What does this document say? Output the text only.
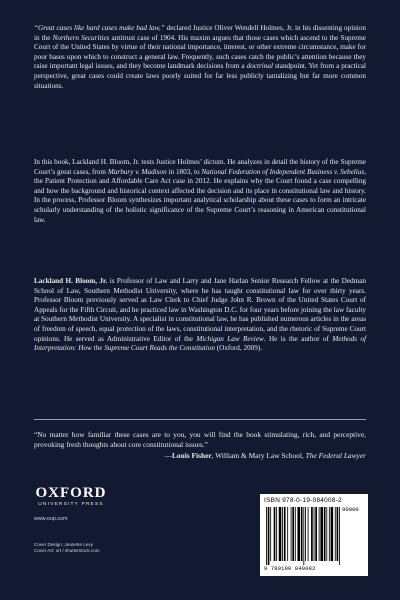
“Great cases like hard cases make bad law,” declared Justice Oliver Wendell Holmes, Jr. in his dissenting opinion in the Northern Securities antitrust case of 1904. His maxim argues that those cases which ascend to the Supreme Court of the United States by virtue of their national importance, interest, or other extreme circumstance, make for poor bases upon which to construct a general law. Frequently, such cases catch the public’s attention because they raise important legal issues, and they become landmark decisions from a doctrinal standpoint. Yet from a practical perspective, great cases could create laws poorly suited for far less publicly tantalizing but far more common situations.
In this book, Lackland H. Bloom, Jr. tests Justice Holmes’ dictum. He analyzes in detail the history of the Supreme Court’s great cases, from Marbury v. Madison in 1803, to National Federation of Independent Business v. Sebelius, the Patient Protection and Affordable Care Act case in 2012. He explains why the Court found a case compelling and how the background and historical context affected the decision and its place in constitutional law and history. In the process, Professor Bloom synthesizes important analytical scholarship about these cases to form an intricate scholarly understanding of the holistic significance of the Supreme Court’s reasoning in American constitutional law.
Lackland H. Bloom, Jr. is Professor of Law and Larry and Jane Harlan Senior Research Fellow at the Dedman School of Law, Southern Methodist University, where he has taught constitutional law for over thirty years. Professor Bloom previously served as Law Clerk to Chief Judge John R. Brown of the United States Court of Appeals for the Fifth Circuit, and he practiced law in Washington D.C. for four years before joining the law faculty at Southern Methodist University. A specialist in constitutional law, he has published numerous articles in the areas of freedom of speech, equal protection of the laws, constitutional interpretation, and the rhetoric of Supreme Court opinions. He served as Administrative Editor of the Michigan Law Review. He is the author of Methods of Interpretation: How the Supreme Court Reads the Constitution (Oxford, 2009).
“No matter how familiar these cases are to you, you will find the book stimulating, rich, and perceptive, provoking fresh thoughts about core constitutional issues.”
—Louis Fisher, William & Mary Law School, The Federal Lawyer
OXFORD
UNIVERSITY PRESS
www.oup.com
Cover Design: Jeanette Levy
Cover Art: ort / shutterstock.com
ISBN 978-0-19-084008-2
90000
9 780190 840082
